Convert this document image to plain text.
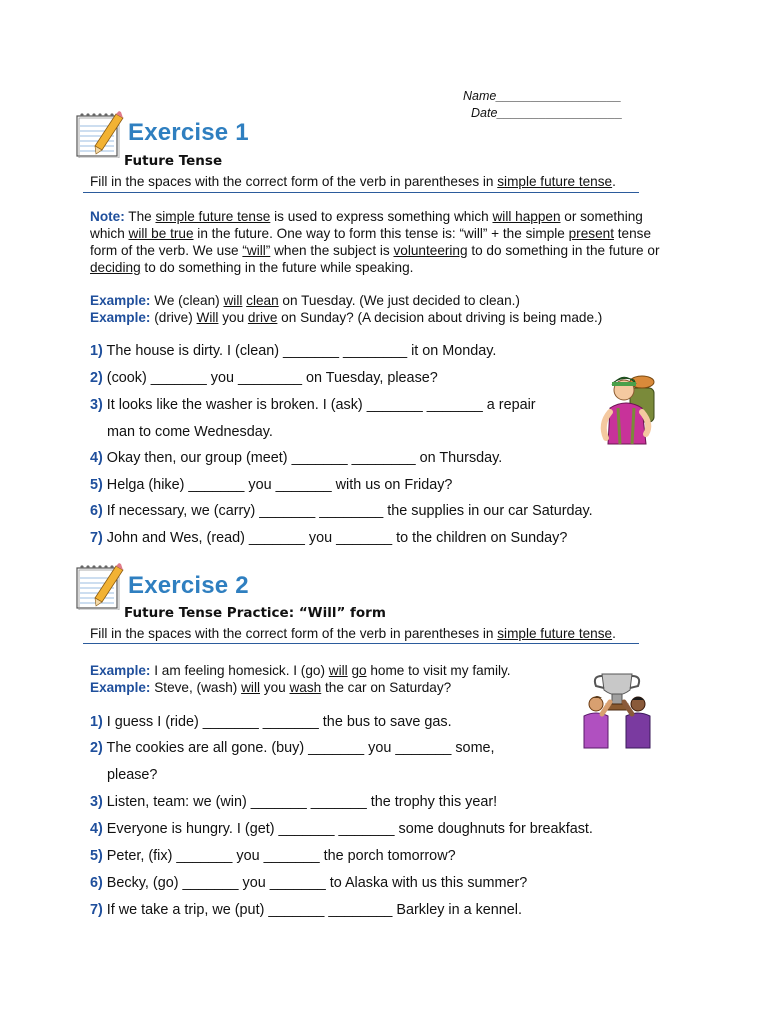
Name__________________
Date__________________
Exercise 1
Future Tense
Fill in the spaces with the correct form of the verb in parentheses in simple future tense.
Note: The simple future tense is used to express something which will happen or something which will be true in the future. One way to form this tense is: “will” + the simple present tense form of the verb. We use “will” when the subject is volunteering to do something in the future or deciding to do something in the future while speaking.
Example: We (clean) will clean on Tuesday. (We just decided to clean.)
Example: (drive) Will you drive on Sunday? (A decision about driving is being made.)
1) The house is dirty. I (clean) _______ ________ it on Monday.
2) (cook) _______ you ________ on Tuesday, please?
3) It looks like the washer is broken. I (ask) _______ _______ a repair
man to come Wednesday.
4) Okay then, our group (meet) _______ ________ on Thursday.
5) Helga (hike) _______ you _______ with us on Friday?
6) If necessary, we (carry) _______ ________ the supplies in our car Saturday.
7) John and Wes, (read) _______ you _______ to the children on Sunday?
Exercise 2
Future Tense Practice: “Will” form
Fill in the spaces with the correct form of the verb in parentheses in simple future tense.
Example: I am feeling homesick. I (go) will go home to visit my family.
Example: Steve, (wash) will you wash the car on Saturday?
1) I guess I (ride) _______ _______ the bus to save gas.
2) The cookies are all gone. (buy) _______ you _______ some,
please?
3) Listen, team: we (win) _______ _______ the trophy this year!
4) Everyone is hungry. I (get) _______ _______ some doughnuts for breakfast.
5) Peter, (fix) _______ you _______ the porch tomorrow?
6) Becky, (go) _______ you _______ to Alaska with us this summer?
7) If we take a trip, we (put) _______ ________ Barkley in a kennel.
